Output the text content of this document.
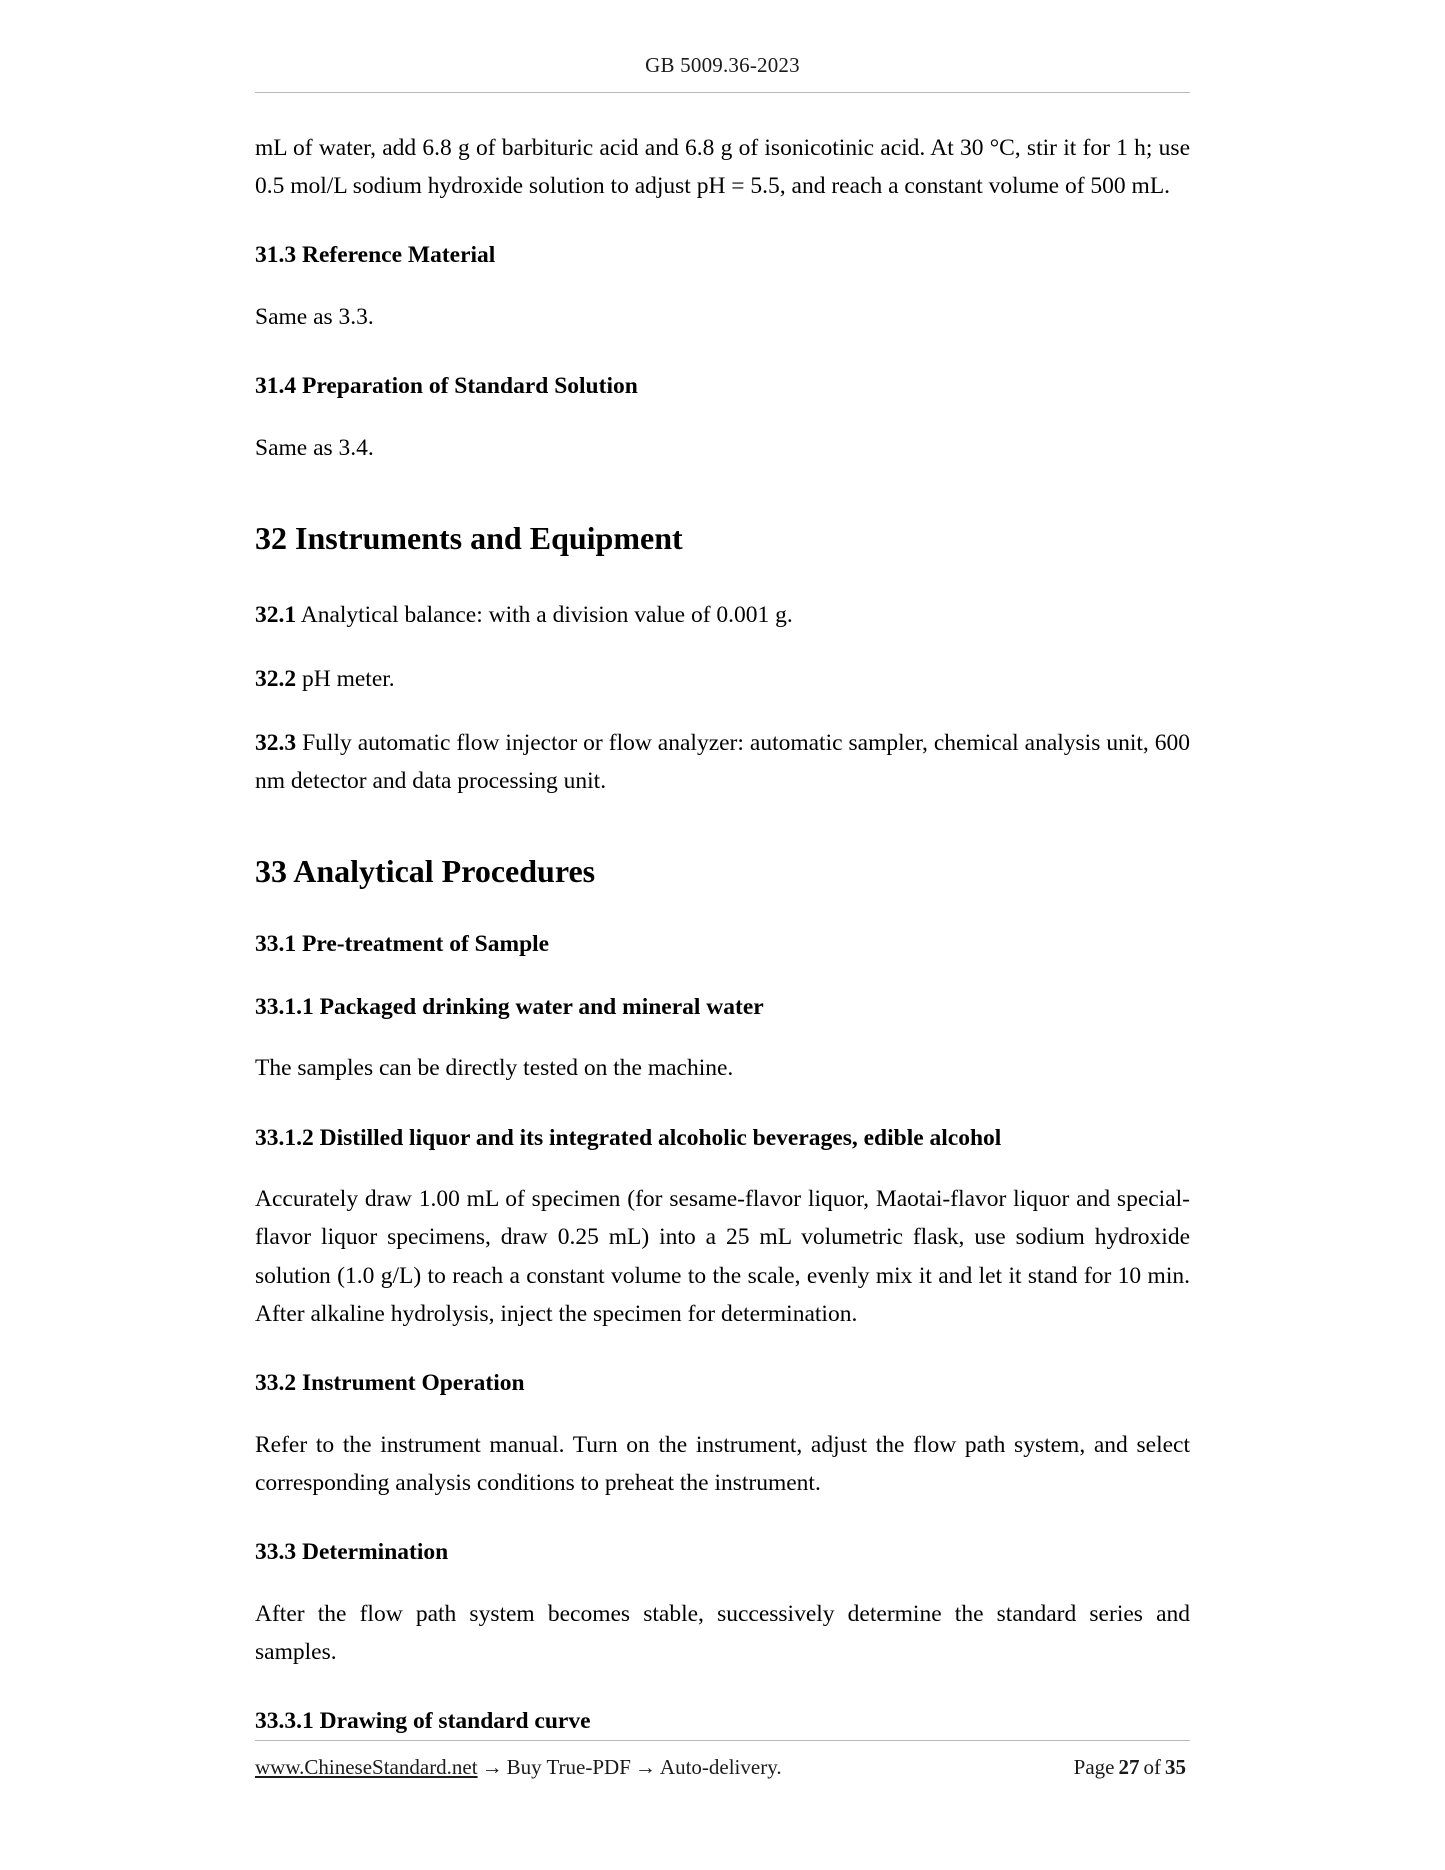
GB 5009.36-2023

mL of water, add 6.8 g of barbituric acid and 6.8 g of isonicotinic acid. At 30 °C, stir it for 1 h; use 0.5 mol/L sodium hydroxide solution to adjust pH = 5.5, and reach a constant volume of 500 mL.

31.3 Reference Material

Same as 3.3.

31.4 Preparation of Standard Solution

Same as 3.4.

32 Instruments and Equipment

32.1 Analytical balance: with a division value of 0.001 g.

32.2 pH meter.

32.3 Fully automatic flow injector or flow analyzer: automatic sampler, chemical analysis unit, 600 nm detector and data processing unit.

33 Analytical Procedures
33.1 Pre-treatment of Sample
33.1.1 Packaged drinking water and mineral water

The samples can be directly tested on the machine.

33.1.2 Distilled liquor and its integrated alcoholic beverages, edible alcohol

Accurately draw 1.00 mL of specimen (for sesame-flavor liquor, Maotai-flavor liquor and special-flavor liquor specimens, draw 0.25 mL) into a 25 mL volumetric flask, use sodium hydroxide solution (1.0 g/L) to reach a constant volume to the scale, evenly mix it and let it stand for 10 min. After alkaline hydrolysis, inject the specimen for determination.

33.2 Instrument Operation

Refer to the instrument manual. Turn on the instrument, adjust the flow path system, and select corresponding analysis conditions to preheat the instrument.

33.3 Determination

After the flow path system becomes stable, successively determine the standard series and samples.

33.3.1 Drawing of standard curve
www.ChineseStandard.net → Buy True-PDF → Auto-delivery.	Page 27 of 35
